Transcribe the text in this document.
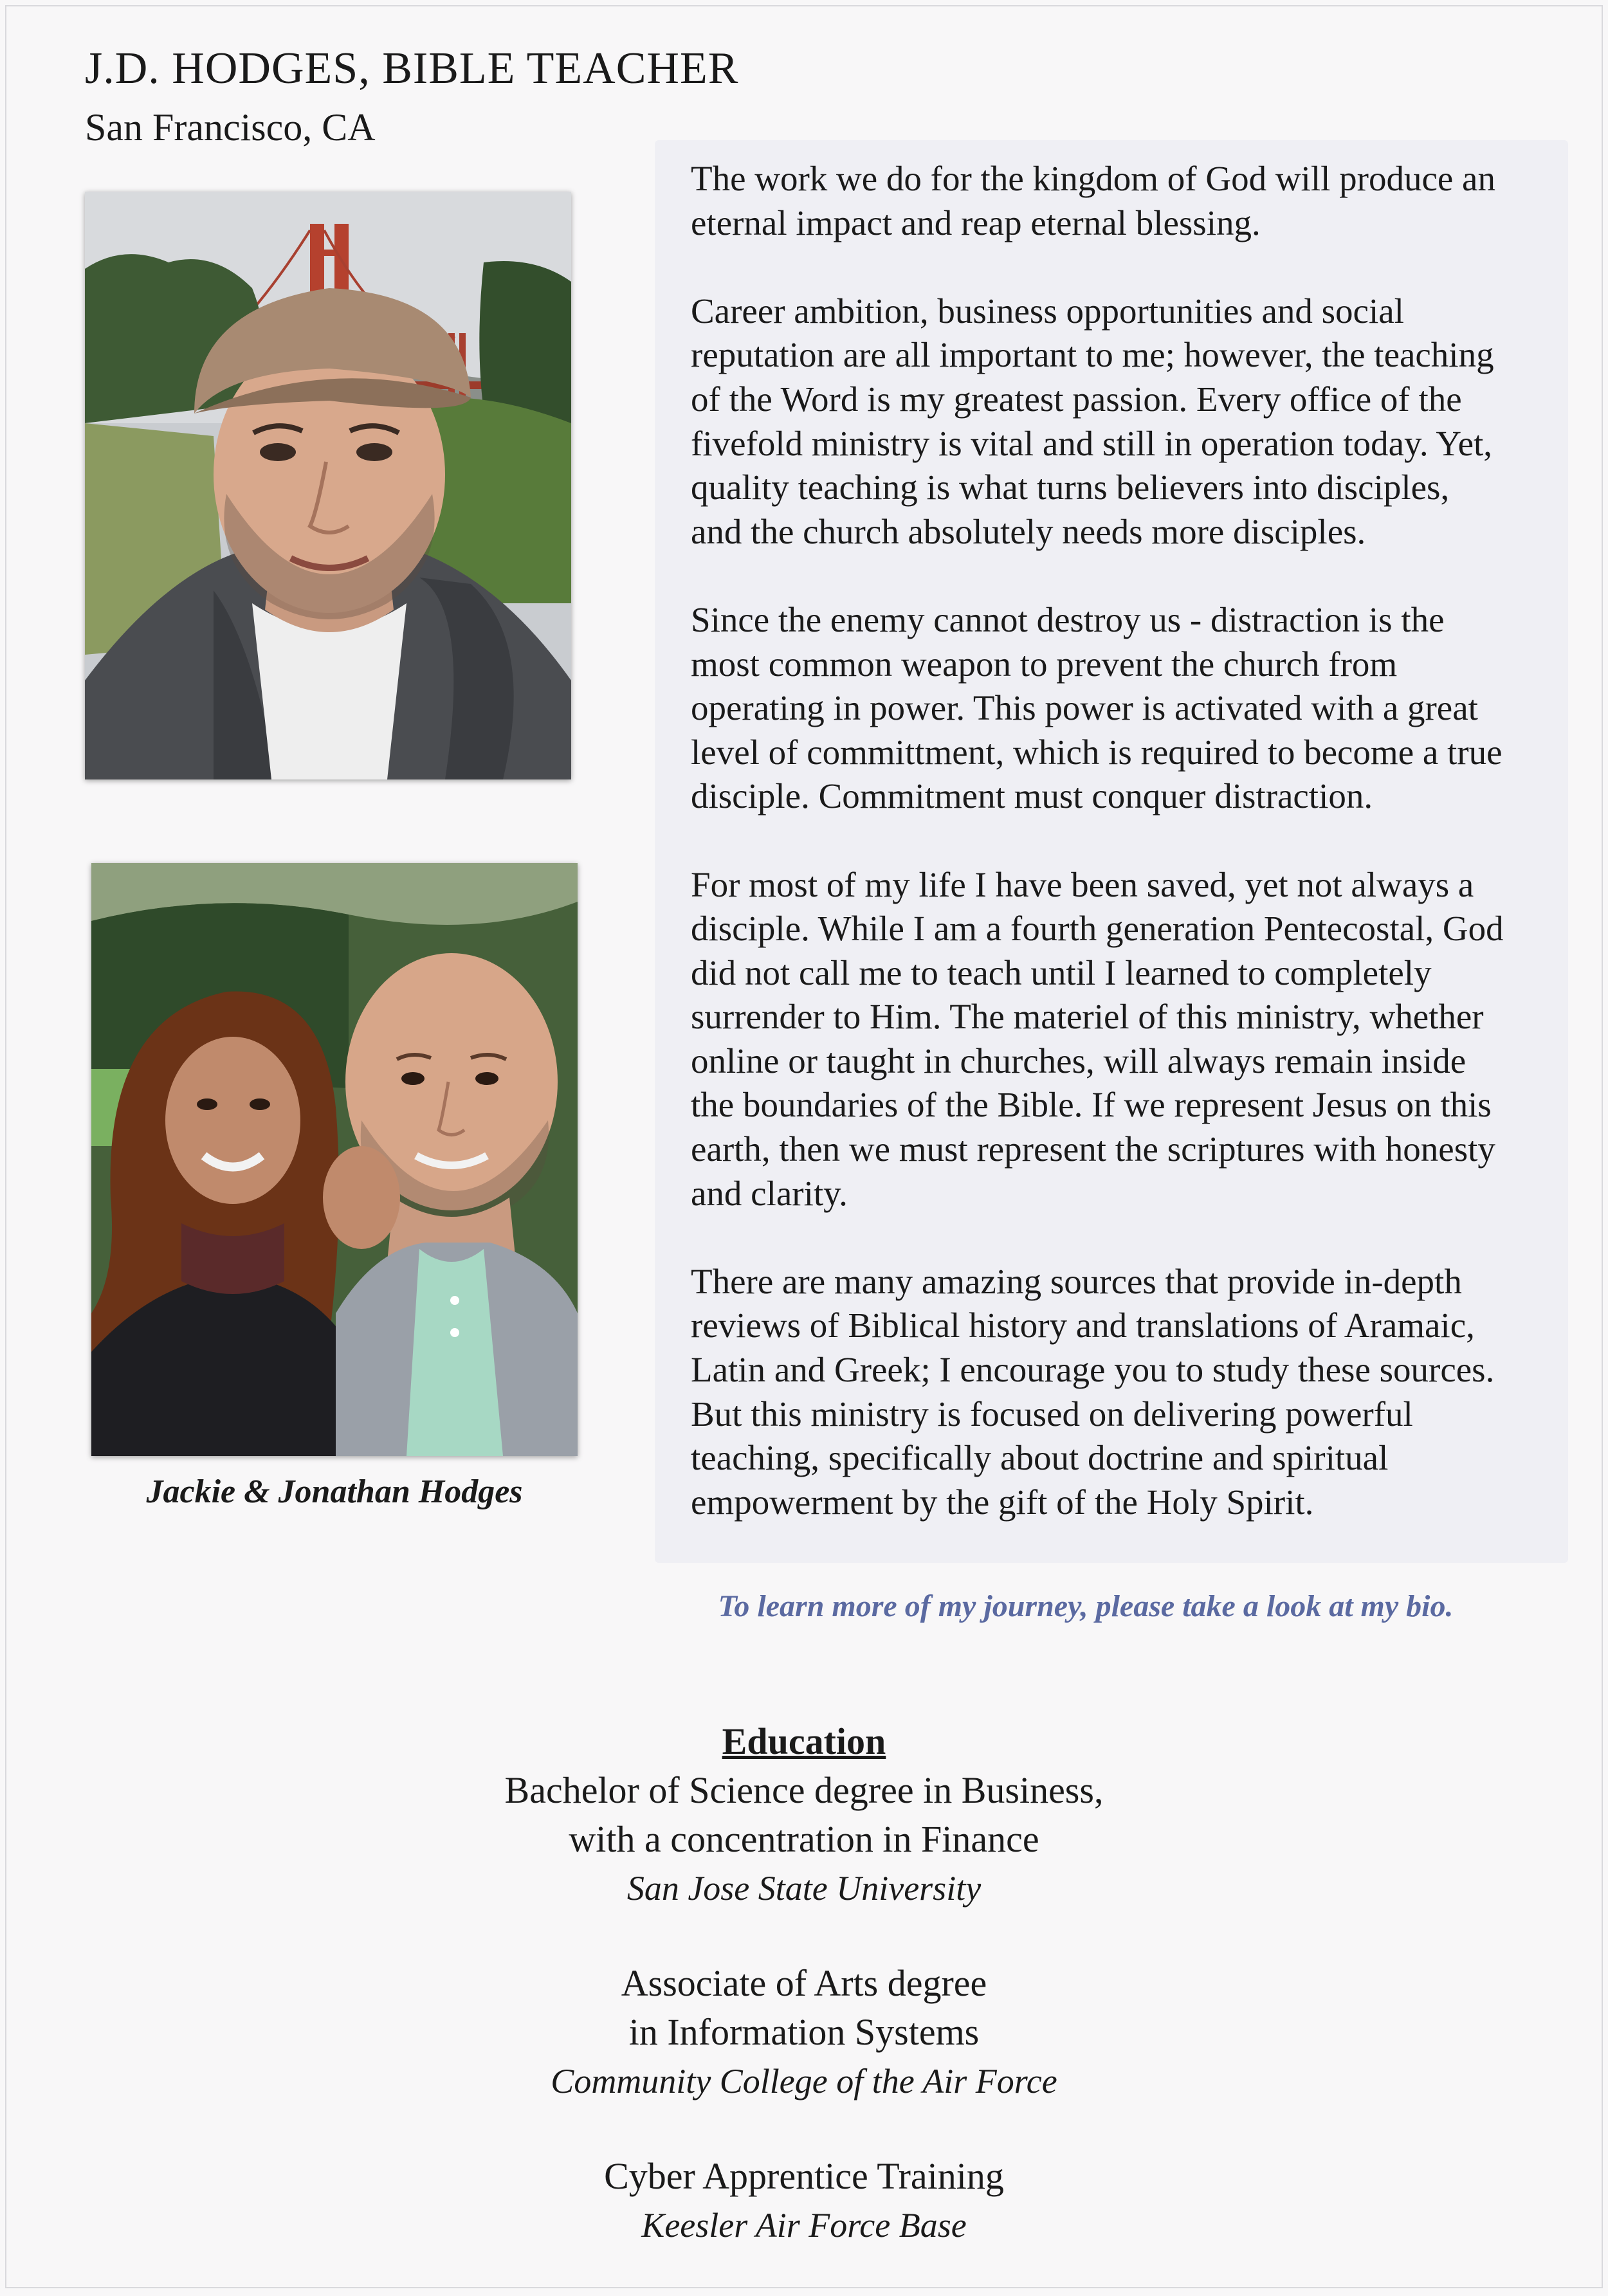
J.D. HODGES, BIBLE TEACHER
San Francisco, CA
Jackie & Jonathan Hodges

The work we do for the kingdom of God will produce an
eternal impact and reap eternal blessing.

Career ambition, business opportunities and social
reputation are all important to me; however, the teaching
of the Word is my greatest passion. Every office of the
fivefold ministry is vital and still in operation today. Yet,
quality teaching is what turns believers into disciples,
and the church absolutely needs more disciples.

Since the enemy cannot destroy us - distraction is the
most common weapon to prevent the church from
operating in power. This power is activated with a great
level of committment, which is required to become a true
disciple. Commitment must conquer distraction.

For most of my life I have been saved, yet not always a
disciple. While I am a fourth generation Pentecostal, God
did not call me to teach until I learned to completely
surrender to Him. The materiel of this ministry, whether
online or taught in churches, will always remain inside
the boundaries of the Bible. If we represent Jesus on this
earth, then we must represent the scriptures with honesty
and clarity.

There are many amazing sources that provide in-depth
reviews of Biblical history and translations of Aramaic,
Latin and Greek; I encourage you to study these sources.
But this ministry is focused on delivering powerful
teaching, specifically about doctrine and spiritual
empowerment by the gift of the Holy Spirit.

To learn more of my journey, please take a look at my bio.

Education

Bachelor of Science degree in Business,
with a concentration in Finance

San Jose State University

Associate of Arts degree
in Information Systems

Community College of the Air Force

Cyber Apprentice Training

Keesler Air Force Base
